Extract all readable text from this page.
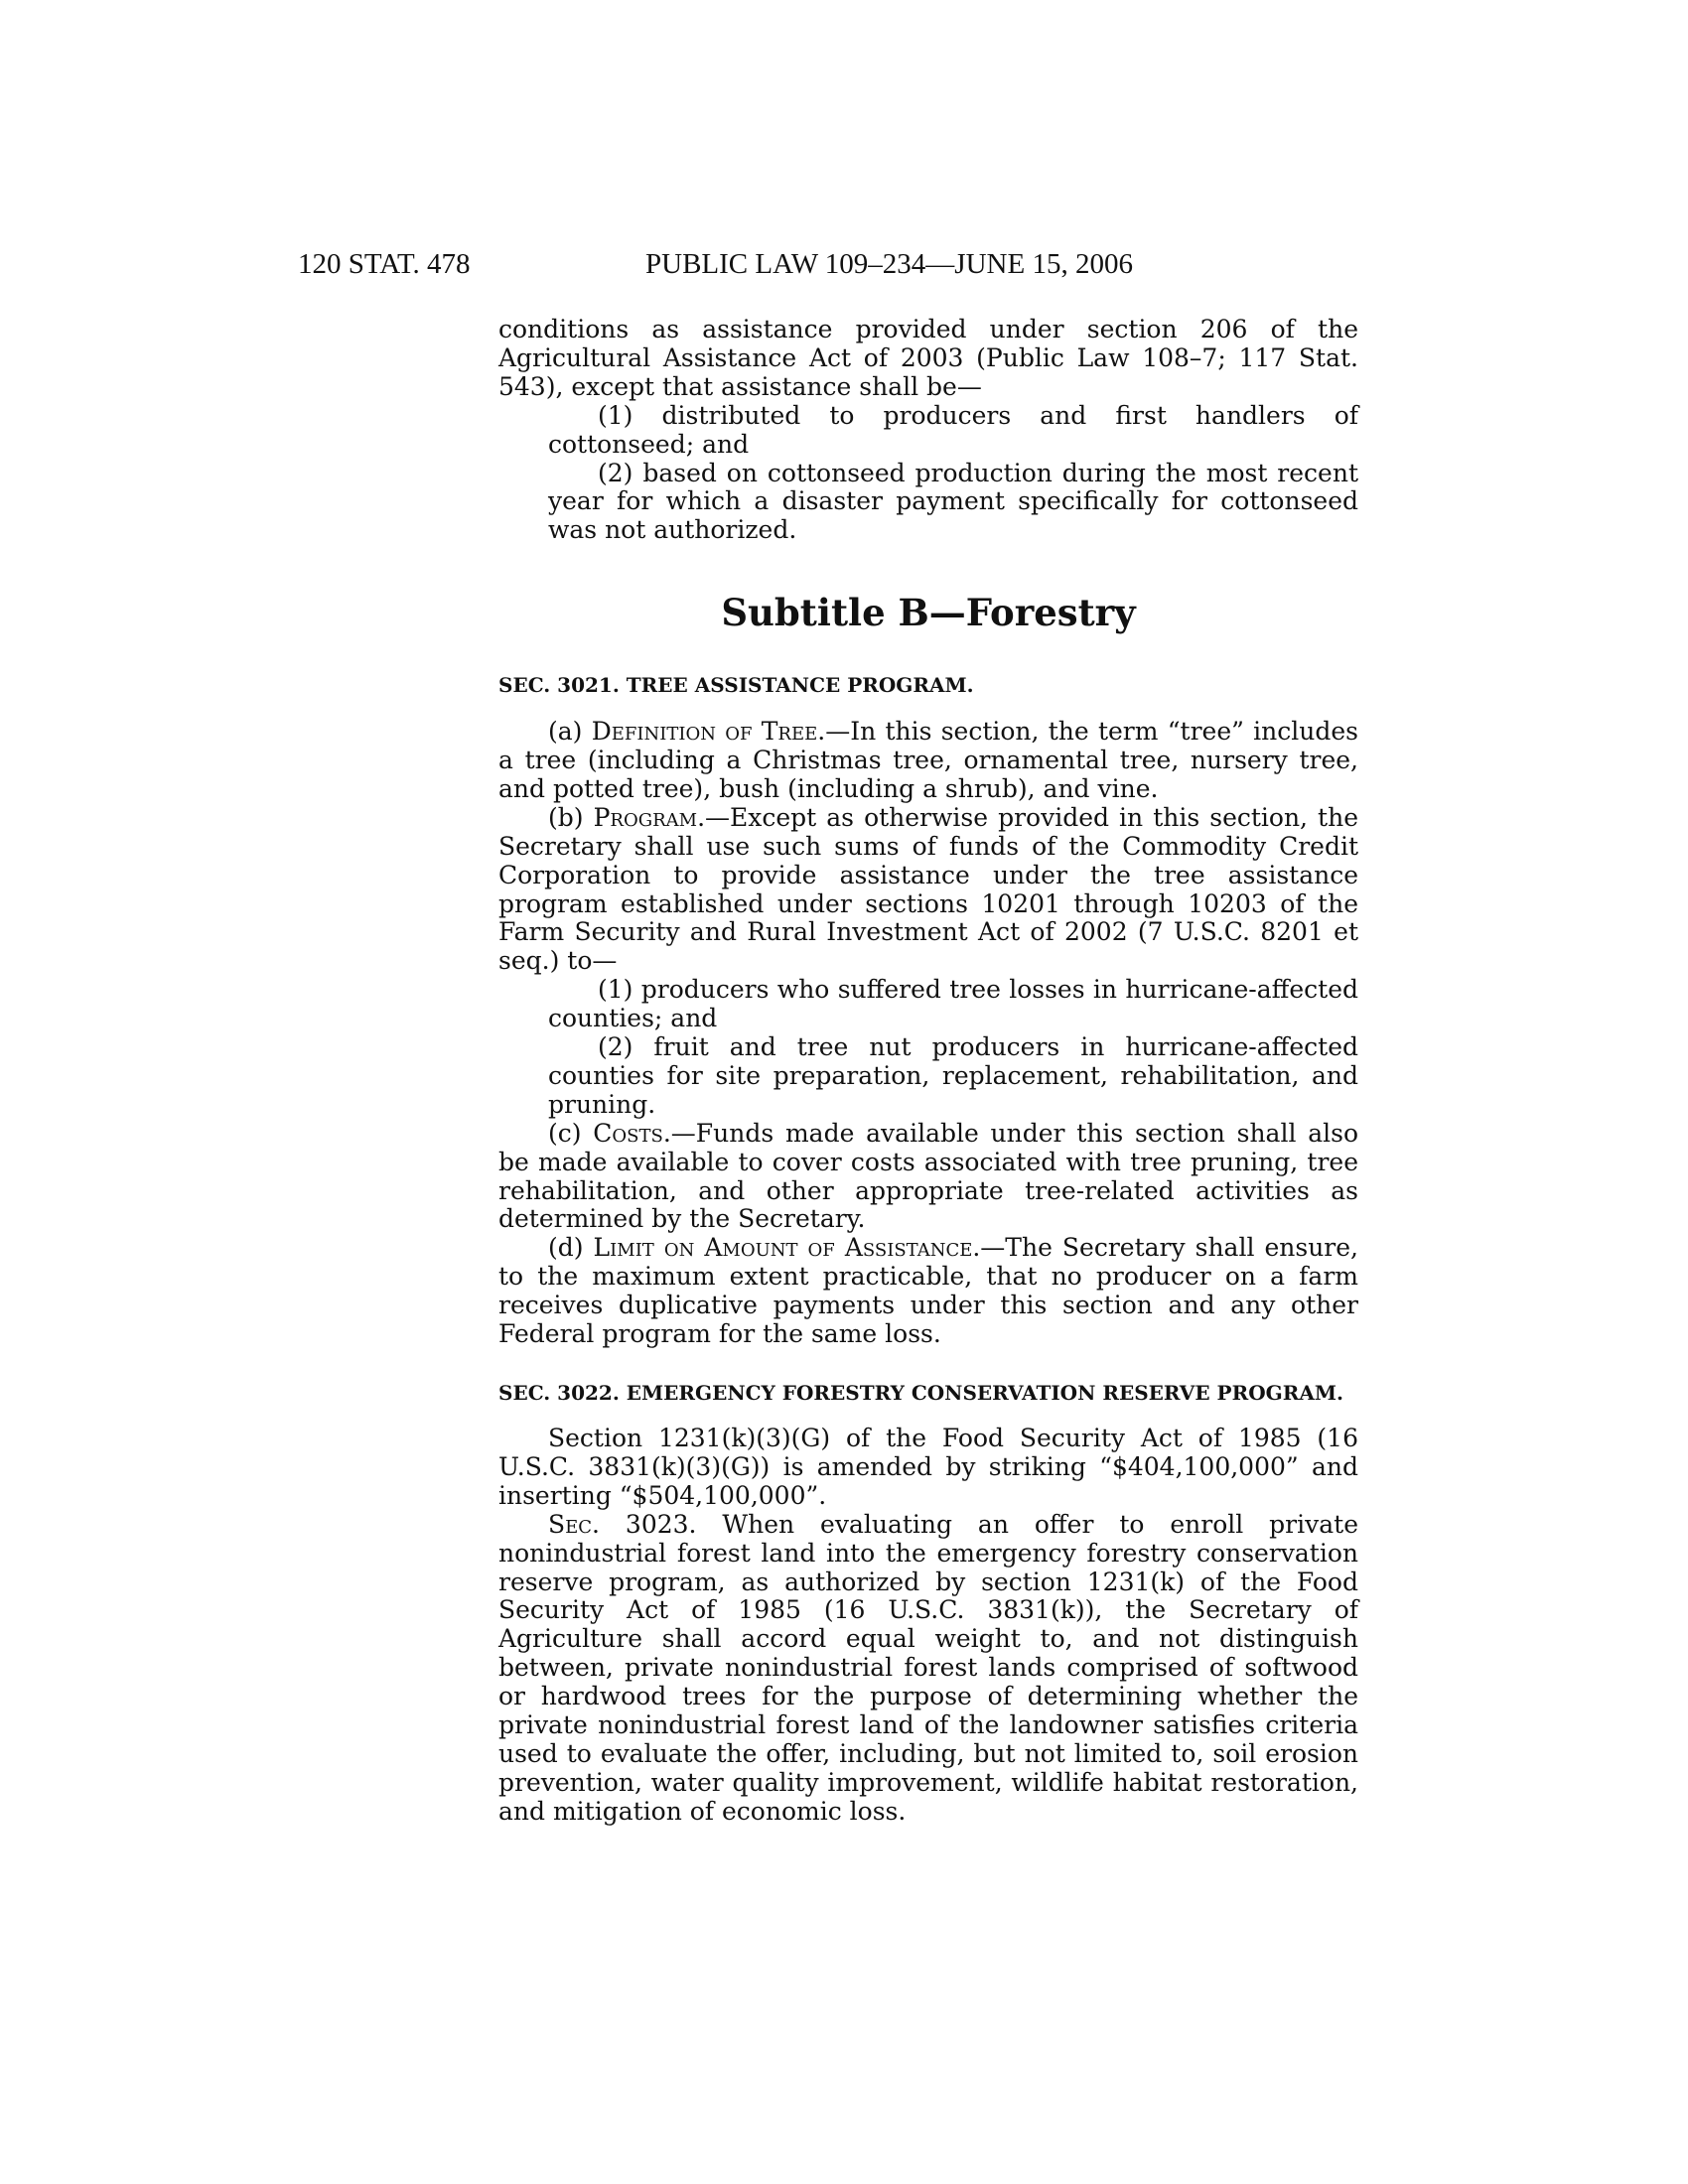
120 STAT. 478	PUBLIC LAW 109–234—JUNE 15, 2006

conditions as assistance provided under section 206 of the Agricultural Assistance Act of 2003 (Public Law 108–7; 117 Stat. 543), except that assistance shall be—

(1) distributed to producers and first handlers of cottonseed; and

(2) based on cottonseed production during the most recent year for which a disaster payment specifically for cottonseed was not authorized.

Subtitle B—Forestry
SEC. 3021. TREE ASSISTANCE PROGRAM.

(a) Definition of Tree.—In this section, the term “tree” includes a tree (including a Christmas tree, ornamental tree, nursery tree, and potted tree), bush (including a shrub), and vine.

(b) Program.—Except as otherwise provided in this section, the Secretary shall use such sums of funds of the Commodity Credit Corporation to provide assistance under the tree assistance program established under sections 10201 through 10203 of the Farm Security and Rural Investment Act of 2002 (7 U.S.C. 8201 et seq.) to—

(1) producers who suffered tree losses in hurricane-affected counties; and

(2) fruit and tree nut producers in hurricane-affected counties for site preparation, replacement, rehabilitation, and pruning.

(c) Costs.—Funds made available under this section shall also be made available to cover costs associated with tree pruning, tree rehabilitation, and other appropriate tree-related activities as determined by the Secretary.

(d) Limit on Amount of Assistance.—The Secretary shall ensure, to the maximum extent practicable, that no producer on a farm receives duplicative payments under this section and any other Federal program for the same loss.

SEC. 3022. EMERGENCY FORESTRY CONSERVATION RESERVE PROGRAM.

Section 1231(k)(3)(G) of the Food Security Act of 1985 (16 U.S.C. 3831(k)(3)(G)) is amended by striking “$404,100,000” and inserting “$504,100,000”.

Sec. 3023. When evaluating an offer to enroll private nonindustrial forest land into the emergency forestry conservation reserve program, as authorized by section 1231(k) of the Food Security Act of 1985 (16 U.S.C. 3831(k)), the Secretary of Agriculture shall accord equal weight to, and not distinguish between, private nonindustrial forest lands comprised of softwood or hardwood trees for the purpose of determining whether the private nonindustrial forest land of the landowner satisfies criteria used to evaluate the offer, including, but not limited to, soil erosion prevention, water quality improvement, wildlife habitat restoration, and mitigation of economic loss.
